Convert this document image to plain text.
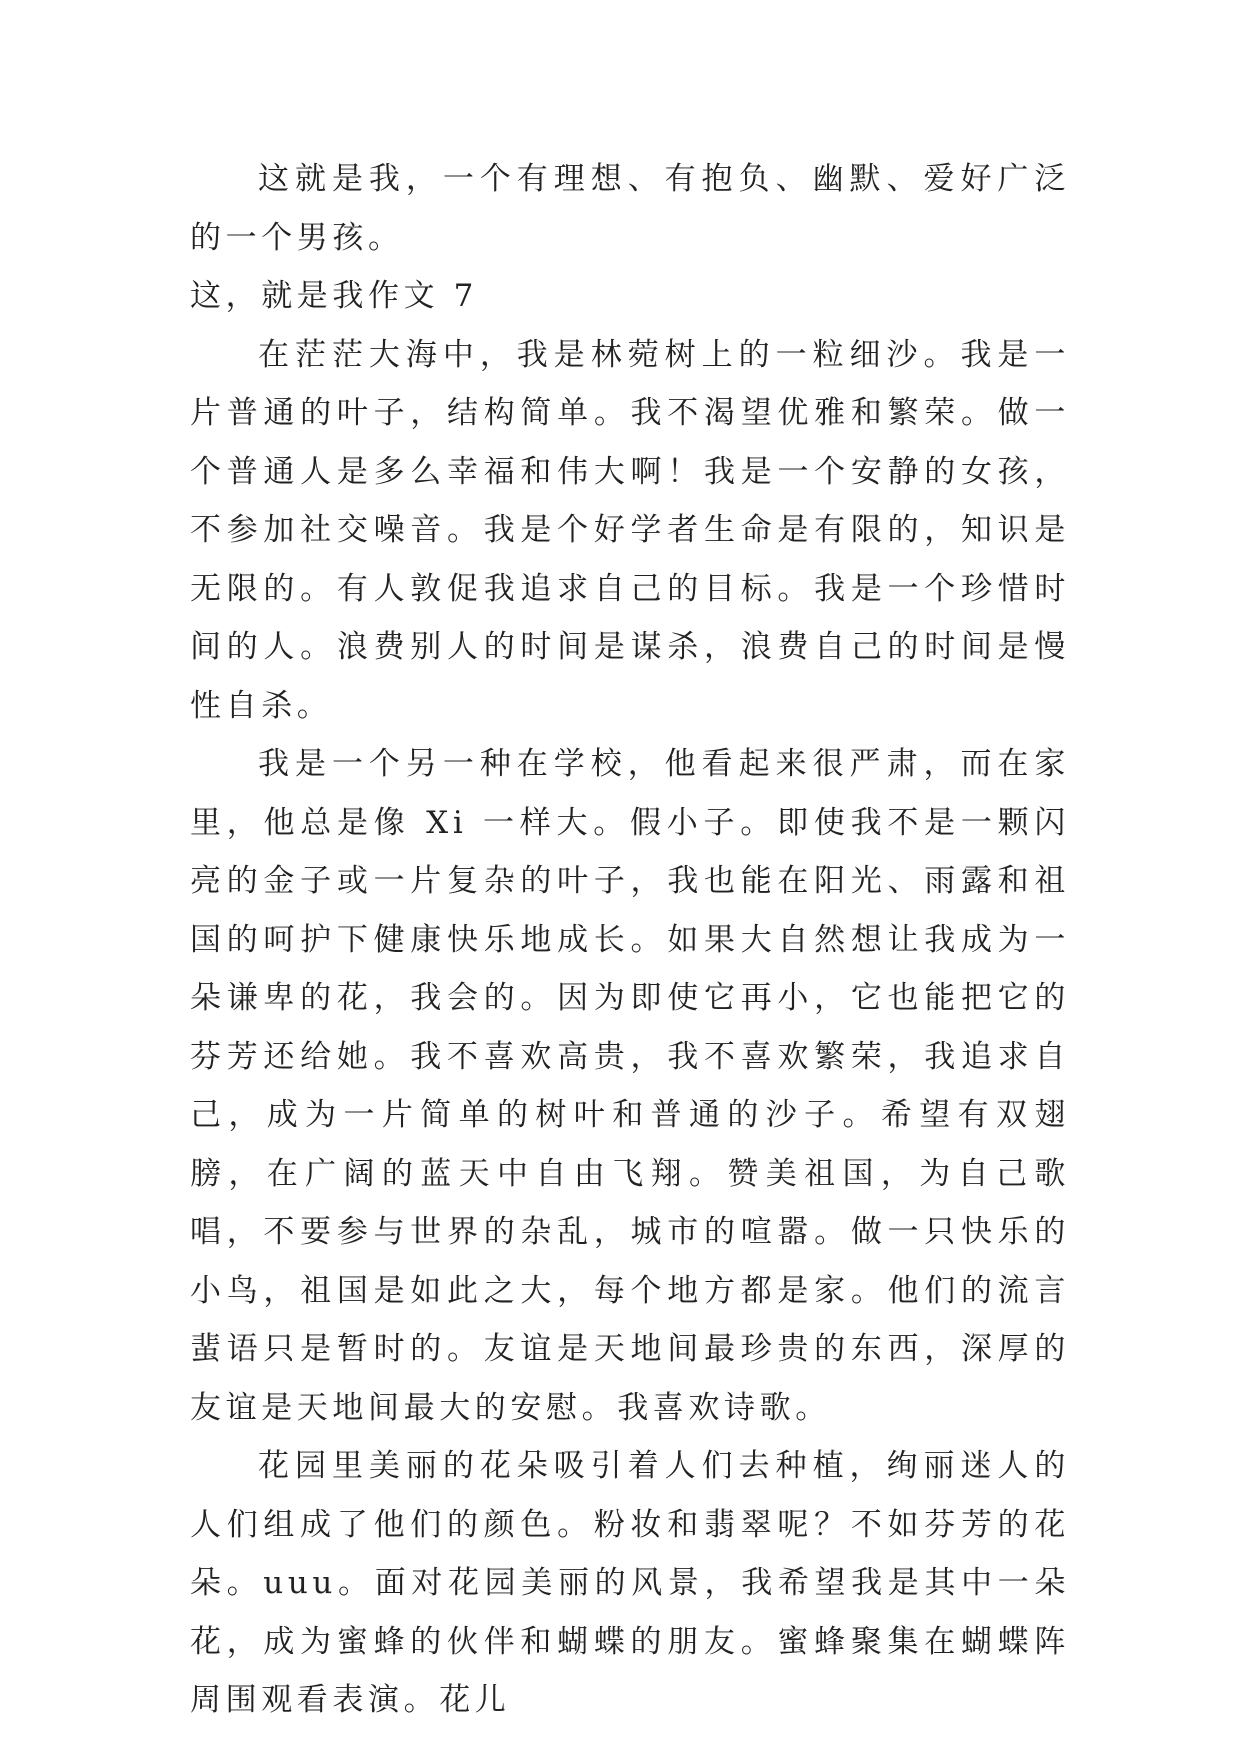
这就是我，一个有理想、有抱负、幽默、爱好广泛的一个男孩。

这，就是我作文 7

在茫茫大海中，我是林菀树上的一粒细沙。我是一片普通的叶子，结构简单。我不渴望优雅和繁荣。做一个普通人是多么幸福和伟大啊！我是一个安静的女孩，不参加社交噪音。我是个好学者生命是有限的，知识是无限的。有人敦促我追求自己的目标。我是一个珍惜时间的人。浪费别人的时间是谋杀，浪费自己的时间是慢性自杀。

我是一个另一种在学校，他看起来很严肃，而在家里，他总是像 Xi 一样大。假小子。即使我不是一颗闪亮的金子或一片复杂的叶子，我也能在阳光、雨露和祖国的呵护下健康快乐地成长。如果大自然想让我成为一朵谦卑的花，我会的。因为即使它再小，它也能把它的芬芳还给她。我不喜欢高贵，我不喜欢繁荣，我追求自己，成为一片简单的树叶和普通的沙子。希望有双翅膀，在广阔的蓝天中自由飞翔。赞美祖国，为自己歌唱，不要参与世界的杂乱，城市的喧嚣。做一只快乐的小鸟，祖国是如此之大，每个地方都是家。他们的流言蜚语只是暂时的。友谊是天地间最珍贵的东西，深厚的友谊是天地间最大的安慰。我喜欢诗歌。

花园里美丽的花朵吸引着人们去种植，绚丽迷人的人们组成了他们的颜色。粉妆和翡翠呢？不如芬芳的花朵。uuu。面对花园美丽的风景，我希望我是其中一朵花，成为蜜蜂的伙伴和蝴蝶的朋友。蜜蜂聚集在蝴蝶阵周围观看表演。花儿
